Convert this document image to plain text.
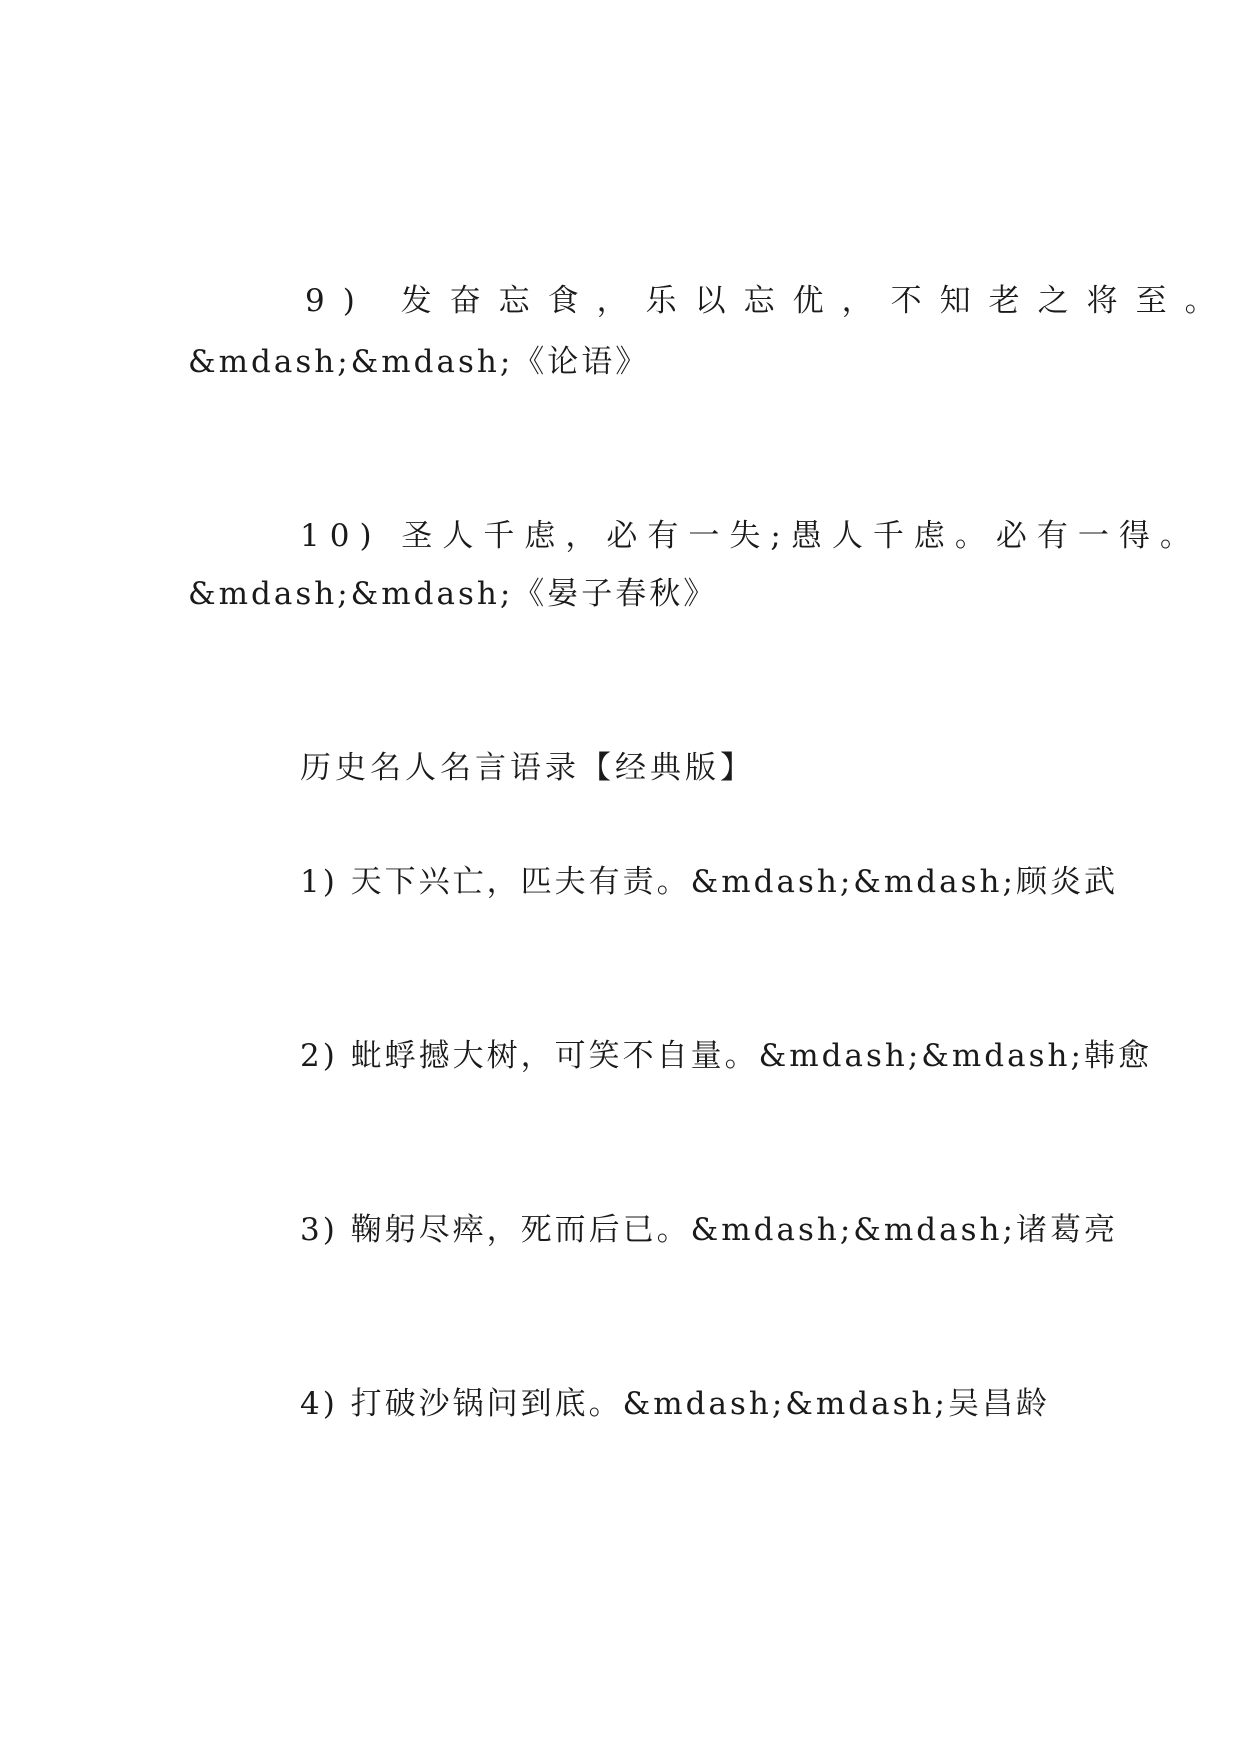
9) 发奋忘食，乐以忘优，不知老之将至。

&mdash;&mdash;《论语》

10) 圣人千虑，必有一失;愚人千虑。必有一得。

&mdash;&mdash;《晏子春秋》

历史名人名言语录【经典版】

1) 天下兴亡，匹夫有责。&mdash;&mdash;顾炎武

2) 蚍蜉撼大树，可笑不自量。&mdash;&mdash;韩愈

3) 鞠躬尽瘁，死而后已。&mdash;&mdash;诸葛亮

4) 打破沙锅问到底。&mdash;&mdash;吴昌龄
